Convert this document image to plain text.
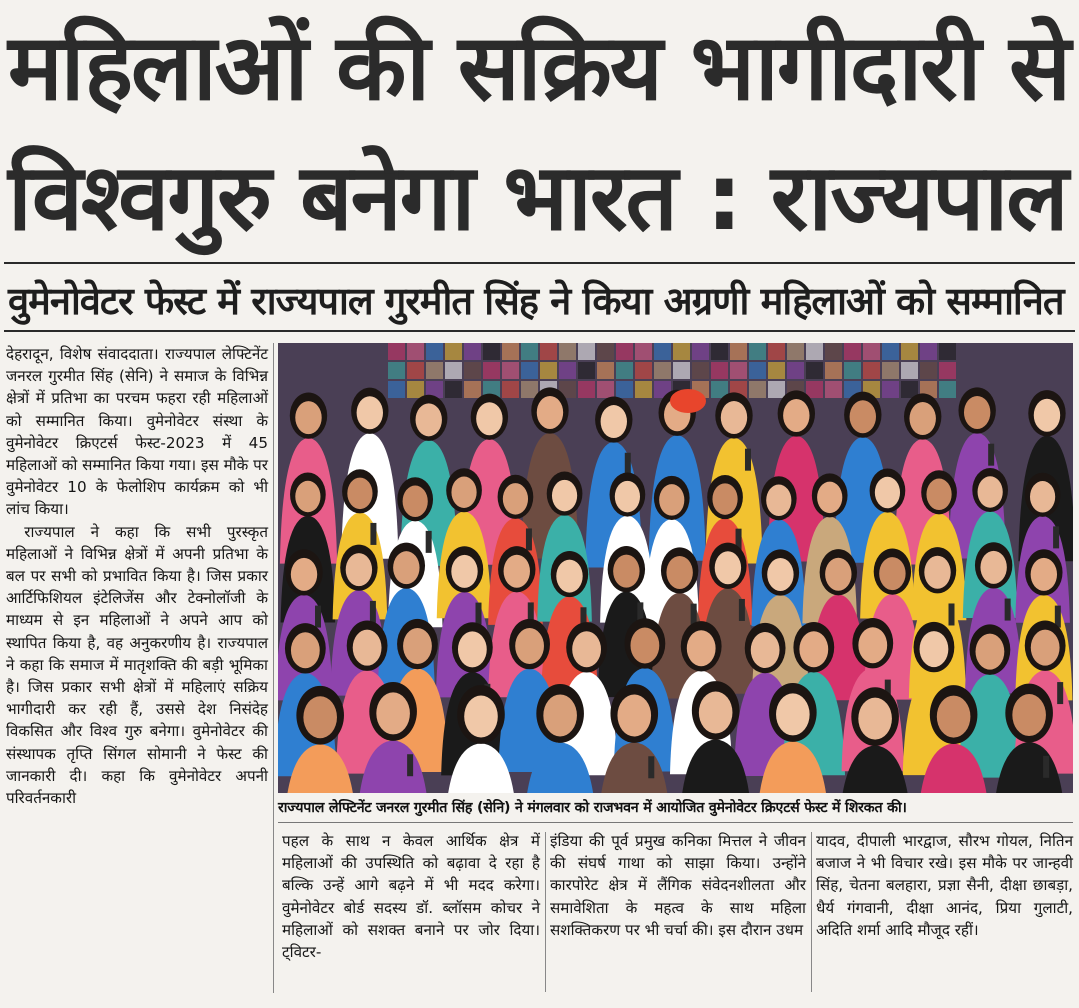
महिलाओं की सक्रिय भागीदारी से
विश्वगुरु बनेगा भारत : राज्यपाल
वुमेनोवेटर फेस्ट में राज्यपाल गुरमीत सिंह ने किया अग्रणी महिलाओं को सम्मानित

देहरादून, विशेष संवाददाता। राज्यपाल लेफ्टिनेंट जनरल गुरमीत सिंह (सेनि) ने समाज के विभिन्न क्षेत्रों में प्रतिभा का परचम फहरा रही महिलाओं को सम्मानित किया। वुमेनोवेटर संस्था के वुमेनोवेटर क्रिएटर्स फेस्ट-2023 में 45 महिलाओं को सम्मानित किया गया। इस मौके पर वुमेनोवेटर 10 के फेलोशिप कार्यक्रम को भी लांच किया।

राज्यपाल ने कहा कि सभी पुरस्कृत महिलाओं ने विभिन्न क्षेत्रों में अपनी प्रतिभा के बल पर सभी को प्रभावित किया है। जिस प्रकार आर्टिफिशियल इंटेलिजेंस और टेक्नोलॉजी के माध्यम से इन महिलाओं ने अपने आप को स्थापित किया है, वह अनुकरणीय है। राज्यपाल ने कहा कि समाज में मातृशक्ति की बड़ी भूमिका है। जिस प्रकार सभी क्षेत्रों में महिलाएं सक्रिय भागीदारी कर रही हैं, उससे देश निसंदेह विकसित और विश्व गुरु बनेगा। वुमेनोवेटर की संस्थापक तृप्ति सिंगल सोमानी ने फेस्ट की जानकारी दी। कहा कि वुमेनोवेटर अपनी परिवर्तनकारी

राज्यपाल लेफ्टिनेंट जनरल गुरमीत सिंह (सेनि) ने मंगलवार को राजभवन में आयोजित वुमेनोवेटर क्रिएटर्स फेस्ट में शिरकत की।

पहल के साथ न केवल आर्थिक क्षेत्र में महिलाओं की उपस्थिति को बढ़ावा दे रहा है बल्कि उन्हें आगे बढ़ने में भी मदद करेगा। वुमेनोवेटर बोर्ड सदस्य डॉ. ब्लॉसम कोचर ने महिलाओं को सशक्त बनाने पर जोर दिया। ट्विटर-

इंडिया की पूर्व प्रमुख कनिका मित्तल ने जीवन की संघर्ष गाथा को साझा किया। उन्होंने कारपोरेट क्षेत्र में लैंगिक संवेदनशीलता और समावेशिता के महत्व के साथ महिला सशक्तिकरण पर भी चर्चा की। इस दौरान उधम

यादव, दीपाली भारद्वाज, सौरभ गोयल, नितिन बजाज ने भी विचार रखे। इस मौके पर जान्हवी सिंह, चेतना बलहारा, प्रज्ञा सैनी, दीक्षा छाबड़ा, धैर्य गंगवानी, दीक्षा आनंद, प्रिया गुलाटी, अदिति शर्मा आदि मौजूद रहीं।
